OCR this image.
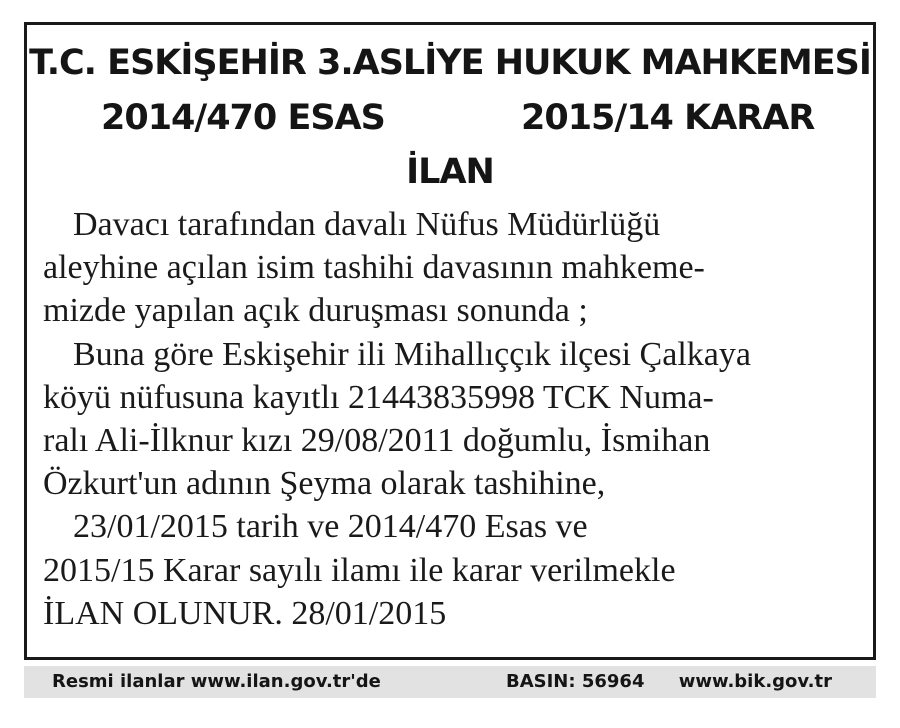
T.C. ESKİŞEHİR 3.ASLİYE HUKUK MAHKEMESİ
2014/470 ESAS	2015/14 KARAR
İLAN
Davacı tarafından davalı Nüfus Müdürlüğü
aleyhine açılan isim tashihi davasının mahkeme-
mizde yapılan açık duruşması sonunda ;
Buna göre Eskişehir ili Mihallıççık ilçesi Çalkaya
köyü nüfusuna kayıtlı 21443835998 TCK Numa-
ralı Ali-İlknur kızı 29/08/2011 doğumlu, İsmihan
Özkurt'un adının Şeyma olarak tashihine,
23/01/2015 tarih ve 2014/470 Esas ve
2015/15 Karar sayılı ilamı ile karar verilmekle
İLAN OLUNUR. 28/01/2015
Resmi ilanlar www.ilan.gov.tr'de	BASIN: 56964 www.bik.gov.tr
